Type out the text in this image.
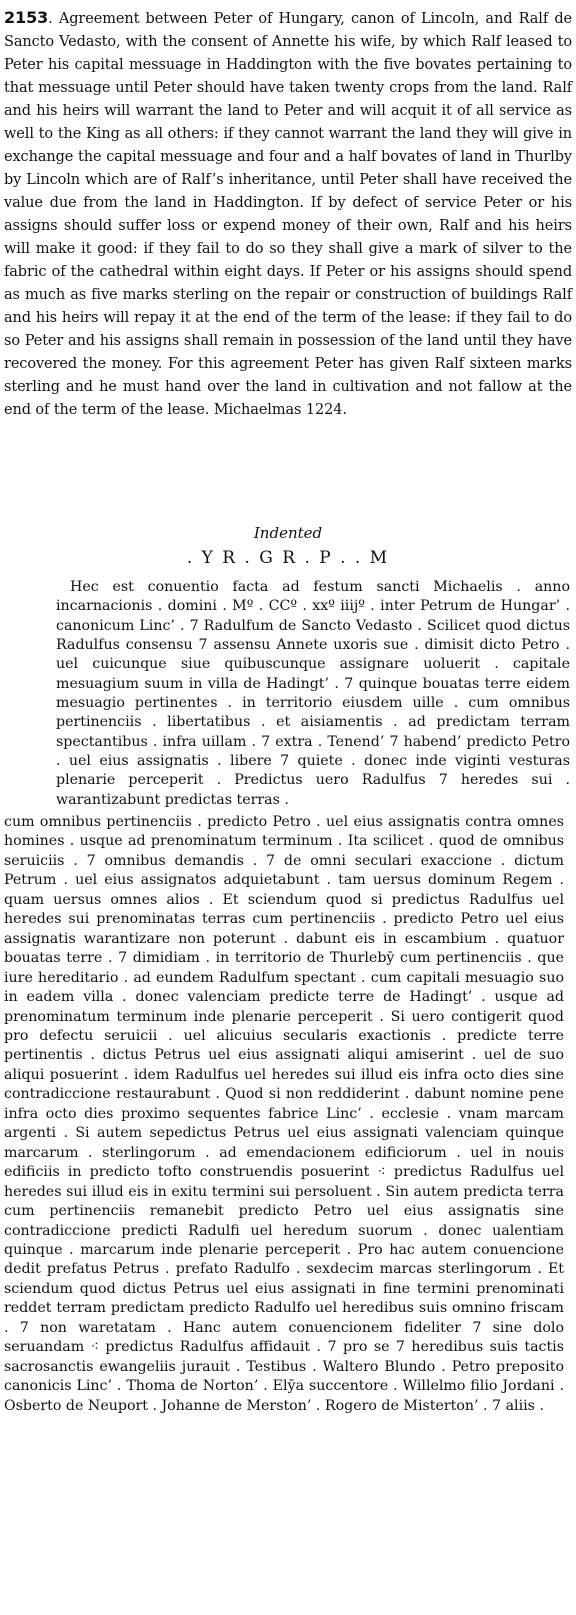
2153. Agreement between Peter of Hungary, canon of Lincoln, and Ralf de Sancto Vedasto, with the consent of Annette his wife, by which Ralf leased to Peter his capital messuage in Haddington with the five bovates pertaining to that messuage until Peter should have taken twenty crops from the land. Ralf and his heirs will warrant the land to Peter and will acquit it of all service as well to the King as all others: if they cannot warrant the land they will give in exchange the capital messuage and four and a half bovates of land in Thurlby by Lincoln which are of Ralf’s inheritance, until Peter shall have received the value due from the land in Haddington. If by defect of service Peter or his assigns should suffer loss or expend money of their own, Ralf and his heirs will make it good: if they fail to do so they shall give a mark of silver to the fabric of the cathedral within eight days. If Peter or his assigns should spend as much as five marks sterling on the repair or construction of buildings Ralf and his heirs will repay it at the end of the term of the lease: if they fail to do so Peter and his assigns shall remain in possession of the land until they have recovered the money. For this agreement Peter has given Ralf sixteen marks sterling and he must hand over the land in cultivation and not fallow at the end of the term of the lease. Michaelmas 1224.
Indented
. Y R . G R . P . . M

Hec est conuentio facta ad festum sancti Michaelis . anno incarnacionis . domini . Mº . CCº . xxº iiijº . inter Petrum de Hungar’ . canonicum Linc’ . 7 Radulfum de Sancto Vedasto . Scilicet quod dictus Radulfus consensu 7 assensu Annete uxoris sue . dimisit dicto Petro . uel cuicunque siue quibuscunque assignare uoluerit . capitale mesuagium suum in villa de Hadingt’ . 7 quinque bouatas terre eidem mesuagio pertinentes . in territorio eiusdem uille . cum omnibus pertinenciis . libertatibus . et aisiamentis . ad predictam terram spectantibus . infra uillam . 7 extra . Tenend’ 7 habend’ predicto Petro . uel eius assignatis . libere 7 quiete . donec inde viginti vesturas plenarie perceperit . Predictus uero Radulfus 7 heredes sui . warantizabunt predictas terras .

cum omnibus pertinenciis . predicto Petro . uel eius assignatis contra omnes homines . usque ad prenominatum terminum . Ita scilicet . quod de omnibus seruiciis . 7 omnibus demandis . 7 de omni seculari exaccione . dictum Petrum . uel eius assignatos adquietabunt . tam uersus dominum Regem . quam uersus omnes alios . Et sciendum quod si predictus Radulfus uel heredes sui prenominatas terras cum pertinenciis . predicto Petro uel eius assignatis warantizare non poterunt . dabunt eis in escambium . quatuor bouatas terre . 7 dimidiam . in territorio de Thurlebȳ cum pertinenciis . que iure hereditario . ad eundem Radulfum spectant . cum capitali mesuagio suo in eadem villa . donec valenciam predicte terre de Hadingt’ . usque ad prenominatum terminum inde plenarie perceperit . Si uero contigerit quod pro defectu seruicii . uel alicuius secularis exactionis . predicte terre pertinentis . dictus Petrus uel eius assignati aliqui amiserint . uel de suo aliqui posuerint . idem Radulfus uel heredes sui illud eis infra octo dies sine contradiccione restaurabunt . Quod si non reddiderint . dabunt nomine pene infra octo dies proximo sequentes fabrice Linc’ . ecclesie . vnam marcam argenti . Si autem sepedictus Petrus uel eius assignati valenciam quinque marcarum . sterlingorum . ad emendacionem edificiorum . uel in nouis edificiis in predicto tofto construendis posuerint ⁖ predictus Radulfus uel heredes sui illud eis in exitu termini sui persoluent . Sin autem predicta terra cum pertinenciis remanebit predicto Petro uel eius assignatis sine contradiccione predicti Radulfi uel heredum suorum . donec ualentiam quinque . marcarum inde plenarie perceperit . Pro hac autem conuencione dedit prefatus Petrus . prefato Radulfo . sexdecim marcas sterlingorum . Et sciendum quod dictus Petrus uel eius assignati in fine termini prenominati reddet terram predictam predicto Radulfo uel heredibus suis omnino friscam . 7 non waretatam . Hanc autem conuencionem fideliter 7 sine dolo seruandam ⁖ predictus Radulfus affidauit . 7 pro se 7 heredibus suis tactis sacrosanctis ewangeliis jurauit . Testibus . Waltero Blundo . Petro preposito canonicis Linc’ . Thoma de Norton’ . Elȳa succentore . Willelmo filio Jordani . Osberto de Neuport . Johanne de Merston’ . Rogero de Misterton’ . 7 aliis .
